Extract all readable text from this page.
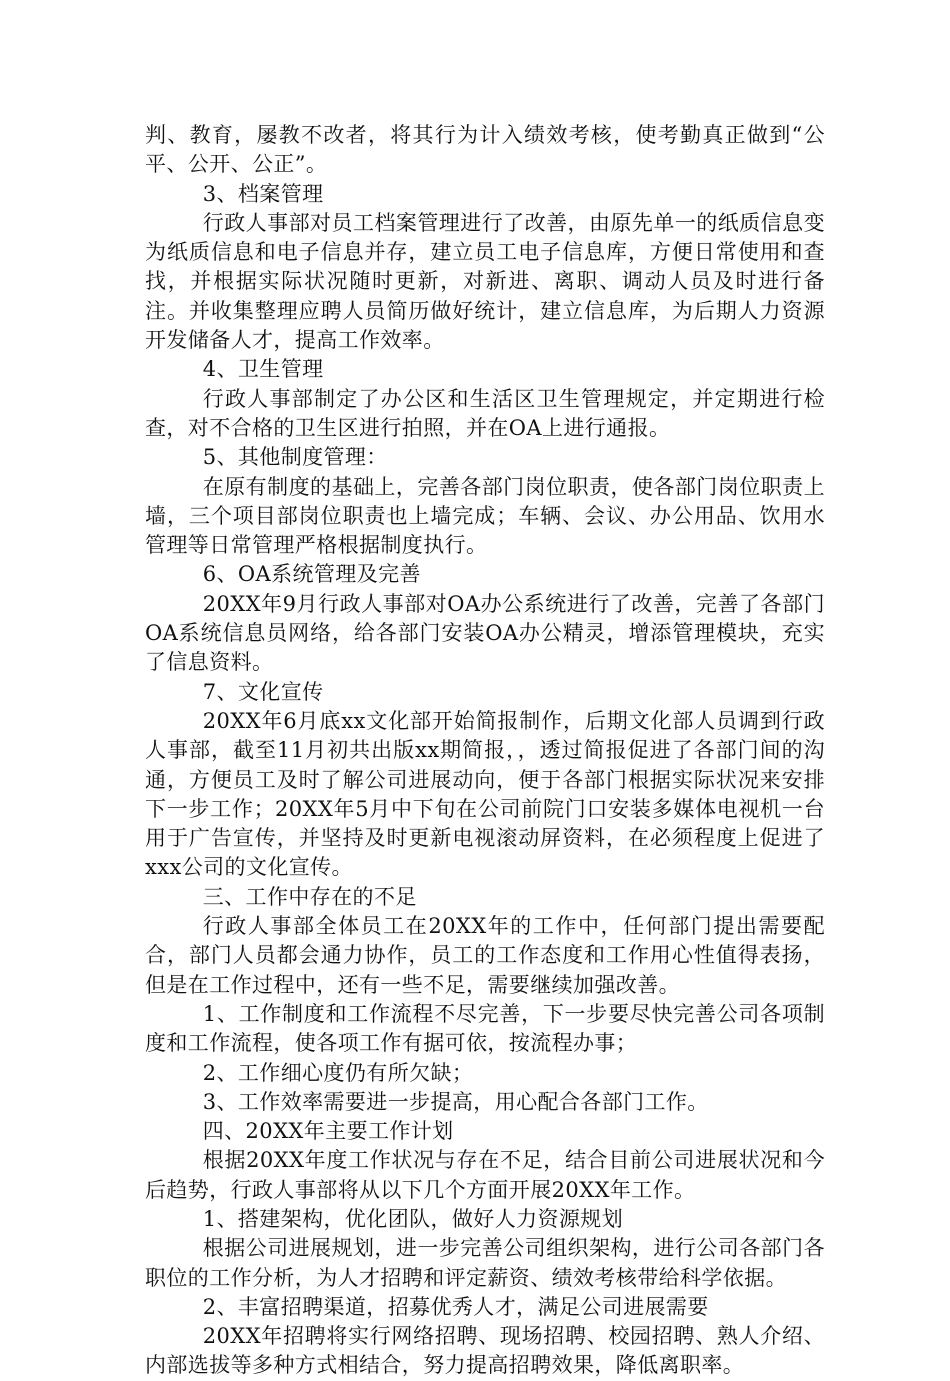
判、教育，屡教不改者，将其行为计入绩效考核，使考勤真正做到“公平、公开、公正”。

3、档案管理

行政人事部对员工档案管理进行了改善，由原先单一的纸质信息变为纸质信息和电子信息并存，建立员工电子信息库，方便日常使用和查找，并根据实际状况随时更新，对新进、离职、调动人员及时进行备注。并收集整理应聘人员简历做好统计，建立信息库，为后期人力资源开发储备人才，提高工作效率。

4、卫生管理

行政人事部制定了办公区和生活区卫生管理规定，并定期进行检查，对不合格的卫生区进行拍照，并在OA上进行通报。

5、其他制度管理：

在原有制度的基础上，完善各部门岗位职责，使各部门岗位职责上墙，三个项目部岗位职责也上墙完成；车辆、会议、办公用品、饮用水管理等日常管理严格根据制度执行。

6、OA系统管理及完善

20XX年9月行政人事部对OA办公系统进行了改善，完善了各部门OA系统信息员网络，给各部门安装OA办公精灵，增添管理模块，充实了信息资料。

7、文化宣传

20XX年6月底xx文化部开始简报制作，后期文化部人员调到行政人事部，截至11月初共出版xx期简报，，透过简报促进了各部门间的沟通，方便员工及时了解公司进展动向，便于各部门根据实际状况来安排下一步工作；20XX年5月中下旬在公司前院门口安装多媒体电视机一台用于广告宣传，并坚持及时更新电视滚动屏资料，在必须程度上促进了xxx公司的文化宣传。

三、工作中存在的不足

行政人事部全体员工在20XX年的工作中，任何部门提出需要配合，部门人员都会通力协作，员工的工作态度和工作用心性值得表扬，但是在工作过程中，还有一些不足，需要继续加强改善。

1、工作制度和工作流程不尽完善，下一步要尽快完善公司各项制度和工作流程，使各项工作有据可依，按流程办事；

2、工作细心度仍有所欠缺；

3、工作效率需要进一步提高，用心配合各部门工作。

四、20XX年主要工作计划

根据20XX年度工作状况与存在不足，结合目前公司进展状况和今后趋势，行政人事部将从以下几个方面开展20XX年工作。

1、搭建架构，优化团队，做好人力资源规划

根据公司进展规划，进一步完善公司组织架构，进行公司各部门各职位的工作分析，为人才招聘和评定薪资、绩效考核带给科学依据。

2、丰富招聘渠道，招募优秀人才，满足公司进展需要

20XX年招聘将实行网络招聘、现场招聘、校园招聘、熟人介绍、内部选拔等多种方式相结合，努力提高招聘效果，降低离职率。
